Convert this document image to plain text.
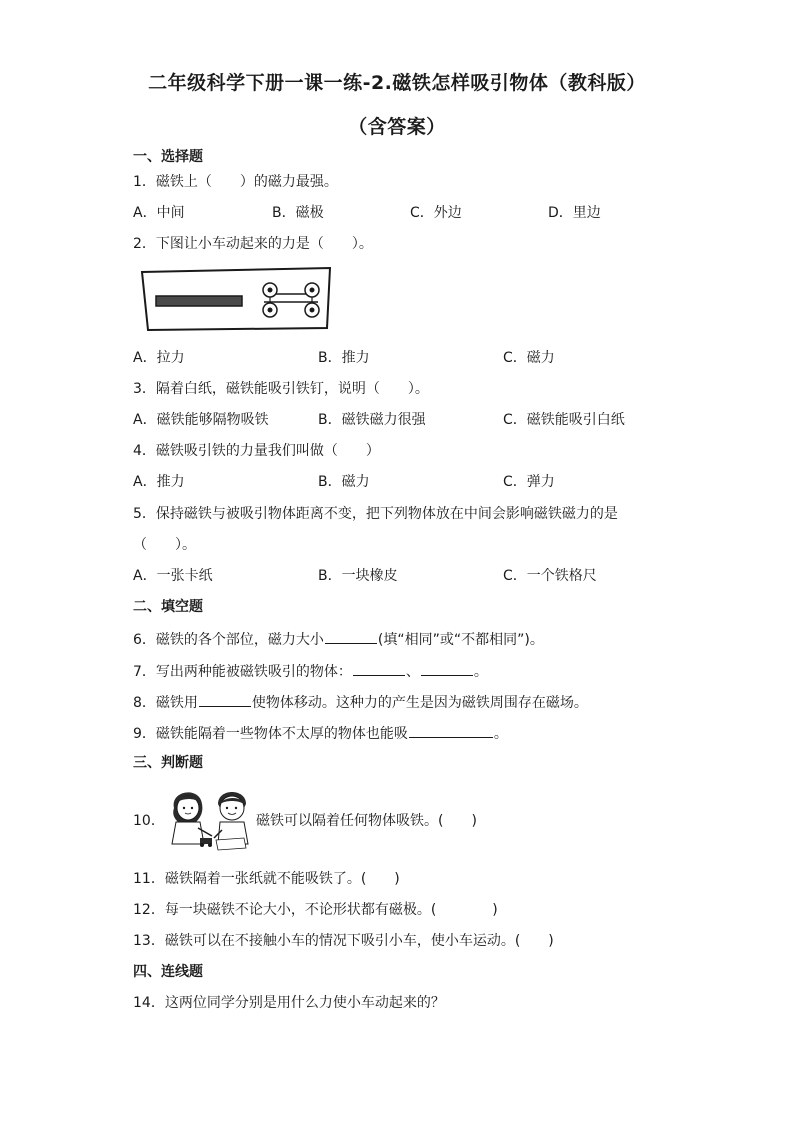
二年级科学下册一课一练-2.磁铁怎样吸引物体（教科版）
（含答案）
一、选择题
1．磁铁上（　　）的磁力最强。
A．中间	B．磁极	C．外边	D．里边
2．下图让小车动起来的力是（　　）。
A．拉力	B．推力	C．磁力
3．隔着白纸，磁铁能吸引铁钉，说明（　　）。
A．磁铁能够隔物吸铁	B．磁铁磁力很强	C．磁铁能吸引白纸
4．磁铁吸引铁的力量我们叫做（　　）
A．推力	B．磁力	C．弹力
5．保持磁铁与被吸引物体距离不变，把下列物体放在中间会影响磁铁磁力的是
（　　）。
A．一张卡纸	B．一块橡皮	C．一个铁格尺
二、填空题
6．磁铁的各个部位，磁力大小	(填“相同”或“不都相同”)。
7．写出两种能被磁铁吸引的物体：	、	。
8．磁铁用	使物体移动。这种力的产生是因为磁铁周围存在磁场。
9．磁铁能隔着一些物体不太厚的物体也能吸	。
三、判断题
10．	磁铁可以隔着任何物体吸铁。(　　)
11．磁铁隔着一张纸就不能吸铁了。(　　)
12．每一块磁铁不论大小，不论形状都有磁极。(　　　　)
13．磁铁可以在不接触小车的情况下吸引小车，使小车运动。(　　)
四、连线题
14．这两位同学分别是用什么力使小车动起来的？
